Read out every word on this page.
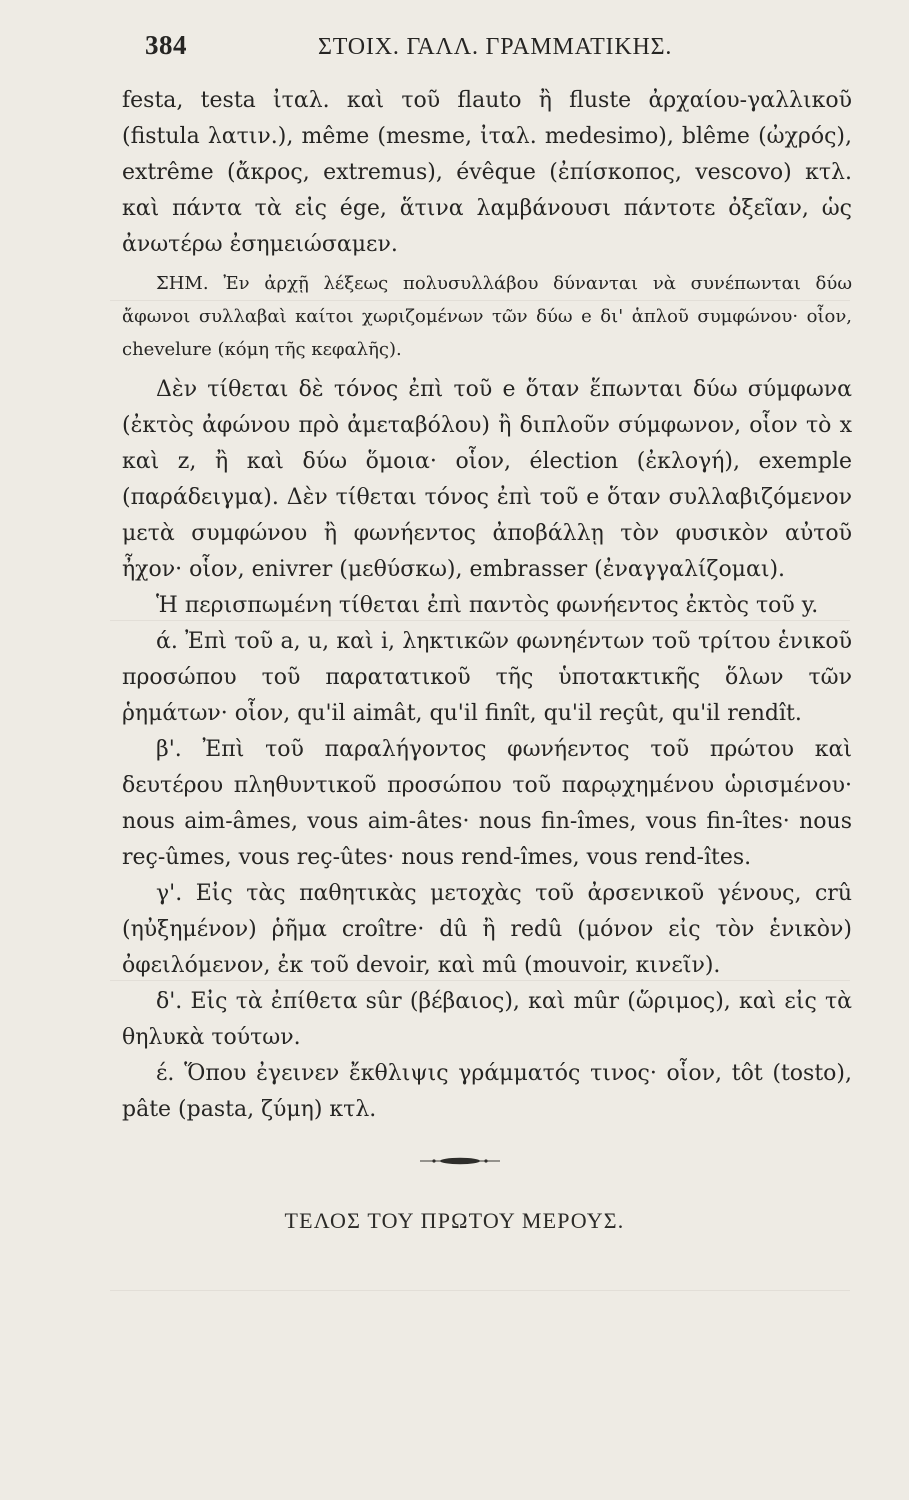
384	ΣΤΟΙΧ. ΓΑΛΛ. ΓΡΑΜΜΑΤΙΚΗΣ.

festa, testa ἰταλ. καὶ τοῦ flauto ἢ fluste ἀρχαίου-γαλλικοῦ (fistula λατιν.), même (mesme, ἰταλ. medesimo), blême (ὠχρός), extrême (ἄκρος, extremus), évêque (ἐπίσκοπος, vescovo) κτλ. καὶ πάντα τὰ εἰς ége, ἅτινα λαμβάνουσι πάντοτε ὀξεῖαν, ὡς ἀνωτέρω ἐσημειώσαμεν.

ΣΗΜ. Ἐν ἀρχῇ λέξεως πολυσυλλάβου δύνανται νὰ συνέπωνται δύω ἄφωνοι συλλαβαὶ καίτοι χωριζομένων τῶν δύω e δι' ἁπλοῦ συμφώνου· οἷον, chevelure (κόμη τῆς κεφαλῆς).

Δὲν τίθεται δὲ τόνος ἐπὶ τοῦ e ὅταν ἕπωνται δύω σύμφωνα (ἐκτὸς ἀφώνου πρὸ ἀμεταβόλου) ἢ διπλοῦν σύμφωνον, οἷον τὸ x καὶ z, ἢ καὶ δύω ὅμοια· οἷον, élection (ἐκλογή), exemple (παράδειγμα). Δὲν τίθεται τόνος ἐπὶ τοῦ e ὅταν συλλαβιζόμενον μετὰ συμφώνου ἢ φωνήεντος ἀποβάλλῃ τὸν φυσικὸν αὐτοῦ ἦχον· οἷον, enivrer (μεθύσκω), embrasser (ἐναγγαλίζομαι).

Ἡ περισπωμένη τίθεται ἐπὶ παντὸς φωνήεντος ἐκτὸς τοῦ y.

ά. Ἐπὶ τοῦ a, u, καὶ i, ληκτικῶν φωνηέντων τοῦ τρίτου ἑνικοῦ προσώπου τοῦ παρατατικοῦ τῆς ὑποτακτικῆς ὅλων τῶν ῥημάτων· οἷον, qu'il aimât, qu'il finît, qu'il reçût, qu'il rendît.

β'. Ἐπὶ τοῦ παραλήγοντος φωνήεντος τοῦ πρώτου καὶ δευτέρου πληθυντικοῦ προσώπου τοῦ παρῳχημένου ὡρισμένου· nous aim-âmes, vous aim-âtes· nous fin-îmes, vous fin-îtes· nous reç-ûmes, vous reç-ûtes· nous rend-îmes, vous rend-îtes.

γ'. Εἰς τὰς παθητικὰς μετοχὰς τοῦ ἀρσενικοῦ γένους, crû (ηὐξημένον) ῥῆμα croître· dû ἢ redû (μόνον εἰς τὸν ἑνικὸν) ὀφειλόμενον, ἐκ τοῦ devoir, καὶ mû (mouvoir, κινεῖν).

δ'. Εἰς τὰ ἐπίθετα sûr (βέβαιος), καὶ mûr (ὥριμος), καὶ εἰς τὰ θηλυκὰ τούτων.

έ. Ὅπου ἐγεινεν ἔκθλιψις γράμματός τινος· οἷον, tôt (tosto), pâte (pasta, ζύμη) κτλ.

ΤΕΛΟΣ ΤΟΥ ΠΡΩΤΟΥ ΜΕΡΟΥΣ.
